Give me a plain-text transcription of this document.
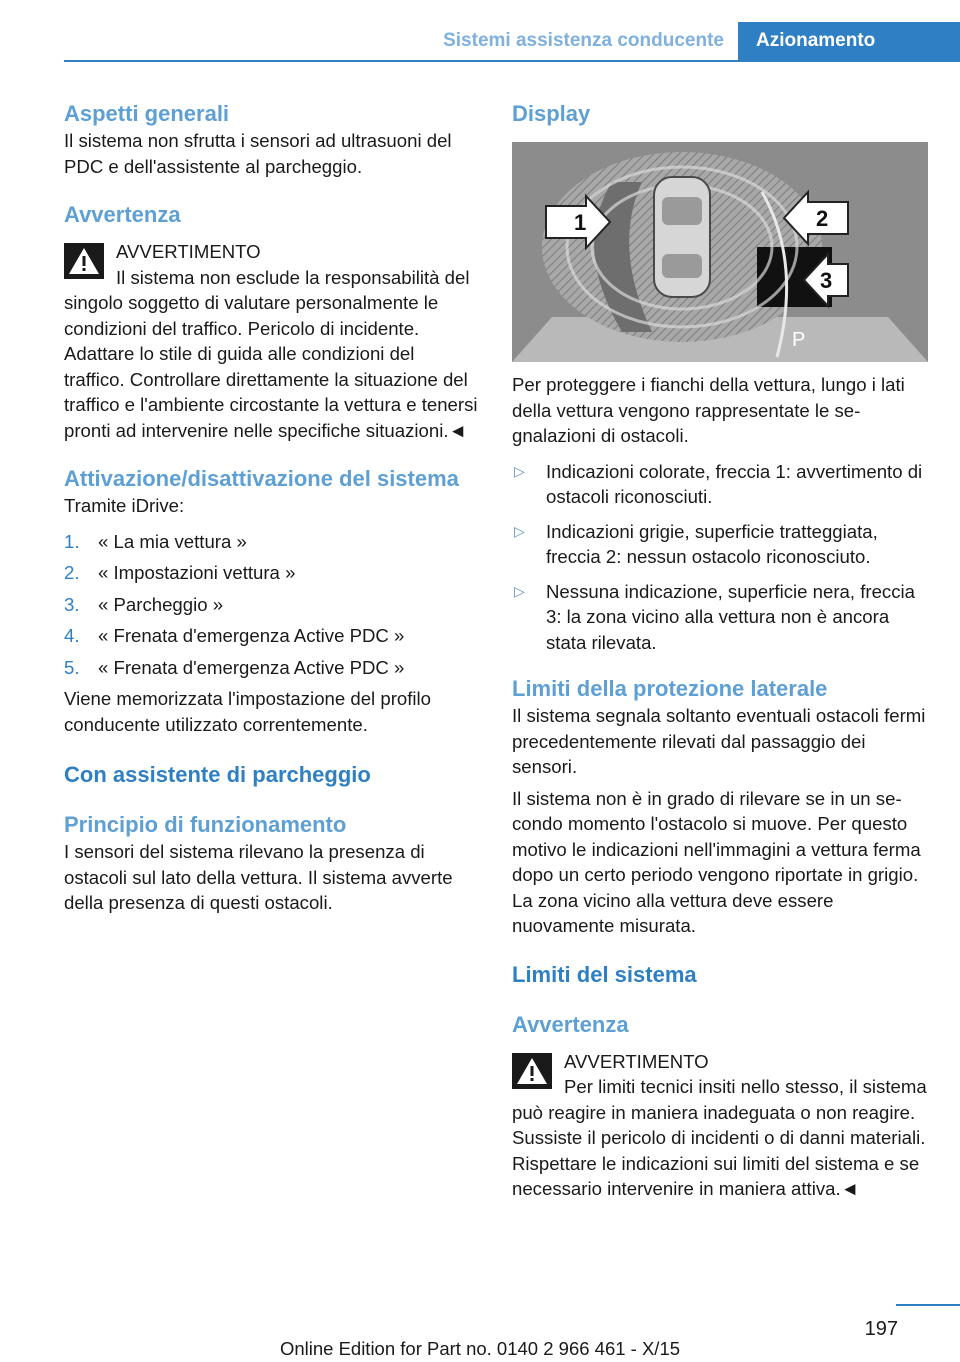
Sistemi assistenza conducente	Azionamento
Aspetti generali

Il sistema non sfrutta i sensori ad ultrasuoni del PDC e dell'assistente al parcheggio.

Avvertenza

AVVERTIMENTO

Il sistema non esclude la responsabilità del singolo soggetto di valutare personalmente le condizioni del traffico. Pericolo di incidente. Adattare lo stile di guida alle condizioni del traffico. Controllare direttamente la situazione del traffico e l'ambiente circostante la vettura e tenersi pronti ad intervenire nelle specifiche situazioni.◄

Attivazione/disattivazione del sistema

Tramite iDrive:

1. « La mia vettura »
2. « Impostazioni vettura »
3. « Parcheggio »
4. « Frenata d'emergenza Active PDC »
5. « Frenata d'emergenza Active PDC »

Viene memorizzata l'impostazione del profilo conducente utilizzato correntemente.

Con assistente di parcheggio
Principio di funzionamento

I sensori del sistema rilevano la presenza di ostacoli sul lato della vettura. Il sistema avverte della presenza di questi ostacoli.

Display
1	2
3
P

Per proteggere i fianchi della vettura, lungo i lati della vettura vengono rappresentate le segnalazioni di ostacoli.

▷ Indicazioni colorate, freccia 1: avvertimento di ostacoli riconosciuti.
▷ Indicazioni grigie, superficie tratteggiata, freccia 2: nessun ostacolo riconosciuto.
▷ Nessuna indicazione, superficie nera, freccia 3: la zona vicino alla vettura non è ancora stata rilevata.
Limiti della protezione laterale

Il sistema segnala soltanto eventuali ostacoli fermi precedentemente rilevati dal passaggio dei sensori.

Il sistema non è in grado di rilevare se in un secondo momento l'ostacolo si muove. Per questo motivo le indicazioni nell'immagini a vettura ferma dopo un certo periodo vengono riportate in grigio. La zona vicino alla vettura deve essere nuovamente misurata.

Limiti del sistema
Avvertenza

AVVERTIMENTO

Per limiti tecnici insiti nello stesso, il sistema può reagire in maniera inadeguata o non reagire. Sussiste il pericolo di incidenti o di danni materiali. Rispettare le indicazioni sui limiti del sistema e se necessario intervenire in maniera attiva.◄

197
Online Edition for Part no. 0140 2 966 461 - X/15
